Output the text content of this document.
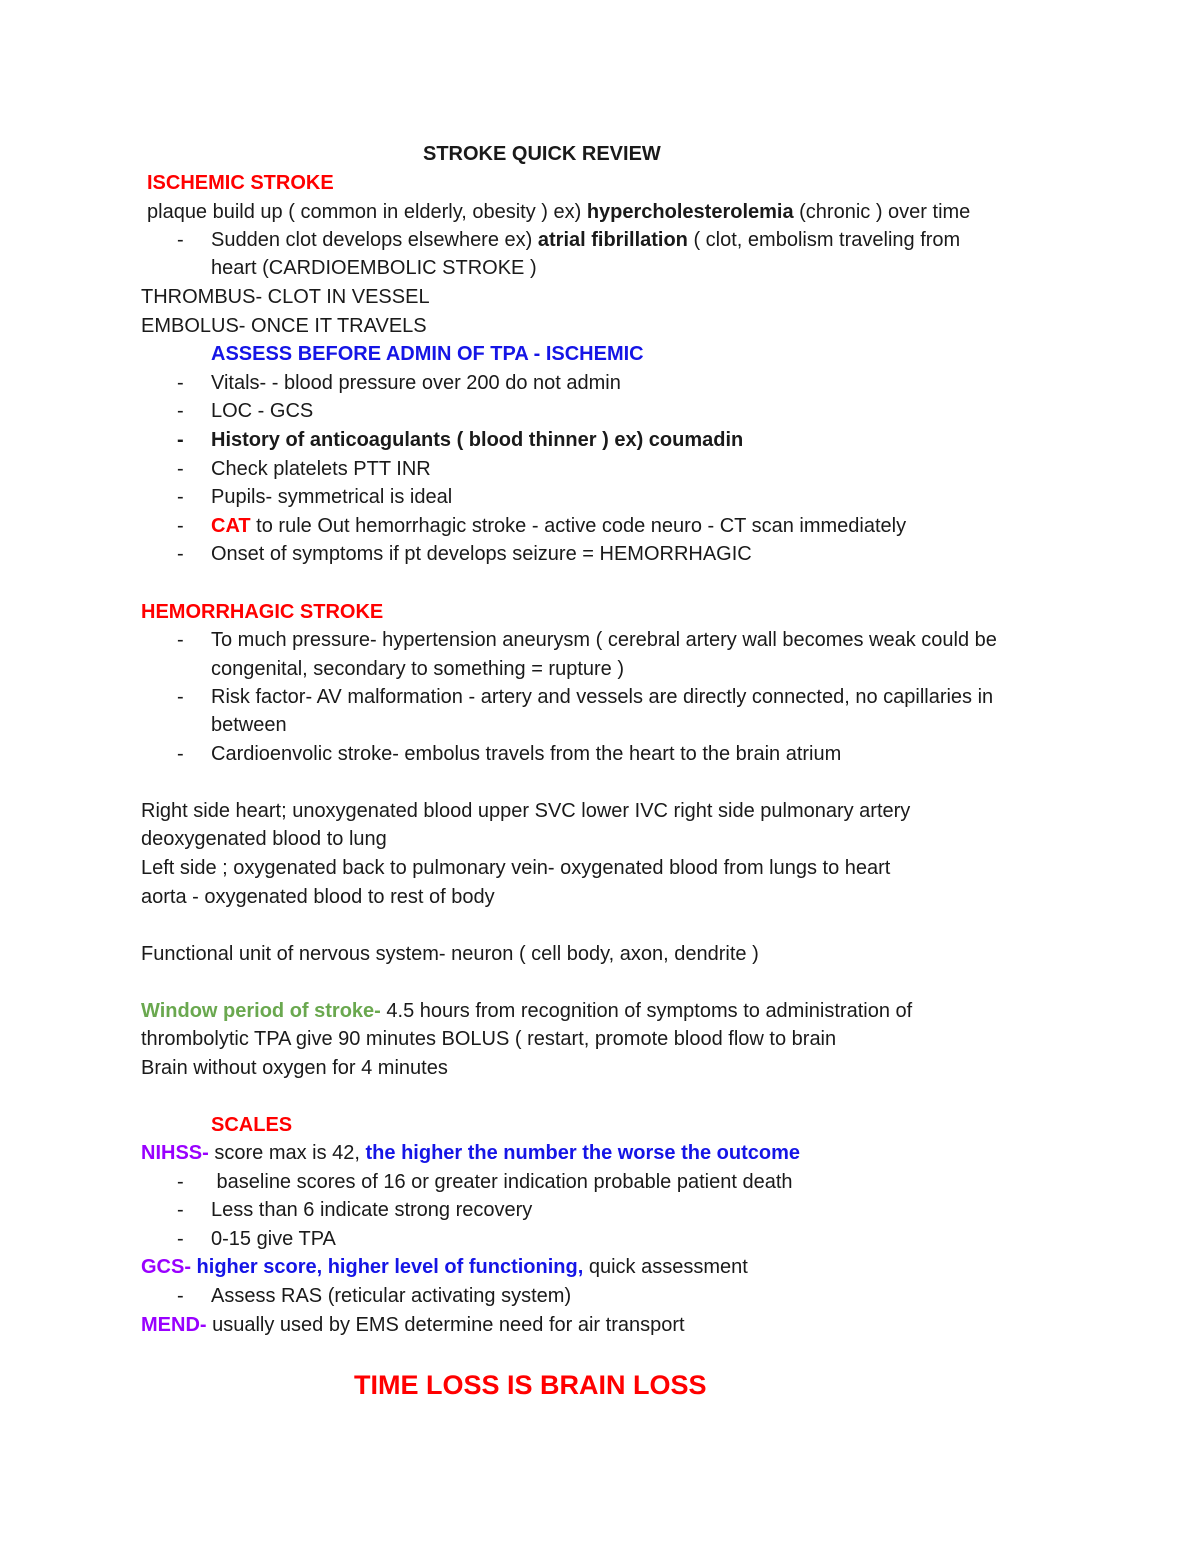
STROKE QUICK REVIEW
ISCHEMIC STROKE
plaque build up ( common in elderly, obesity ) ex) hypercholesterolemia (chronic ) over time
- Sudden clot develops elsewhere ex) atrial fibrillation ( clot, embolism traveling from
heart (CARDIOEMBOLIC STROKE )
THROMBUS- CLOT IN VESSEL
EMBOLUS- ONCE IT TRAVELS
ASSESS BEFORE ADMIN OF TPA - ISCHEMIC
- Vitals- - blood pressure over 200 do not admin
- LOC - GCS
- History of anticoagulants ( blood thinner ) ex) coumadin
- Check platelets PTT INR
- Pupils- symmetrical is ideal
- CAT to rule Out hemorrhagic stroke - active code neuro - CT scan immediately
- Onset of symptoms if pt develops seizure = HEMORRHAGIC
HEMORRHAGIC STROKE
- To much pressure- hypertension aneurysm ( cerebral artery wall becomes weak could be
congenital, secondary to something = rupture )
- Risk factor- AV malformation - artery and vessels are directly connected, no capillaries in
between
- Cardioenvolic stroke- embolus travels from the heart to the brain atrium
Right side heart; unoxygenated blood upper SVC lower IVC right side pulmonary artery
deoxygenated blood to lung
Left side ; oxygenated back to pulmonary vein- oxygenated blood from lungs to heart
aorta - oxygenated blood to rest of body
Functional unit of nervous system- neuron ( cell body, axon, dendrite )
Window period of stroke- 4.5 hours from recognition of symptoms to administration of
thrombolytic TPA give 90 minutes BOLUS ( restart, promote blood flow to brain
Brain without oxygen for 4 minutes
SCALES
NIHSS- score max is 42, the higher the number the worse the outcome
- baseline scores of 16 or greater indication probable patient death
- Less than 6 indicate strong recovery
- 0-15 give TPA
GCS- higher score, higher level of functioning, quick assessment
- Assess RAS (reticular activating system)
MEND- usually used by EMS determine need for air transport
TIME LOSS IS BRAIN LOSS
